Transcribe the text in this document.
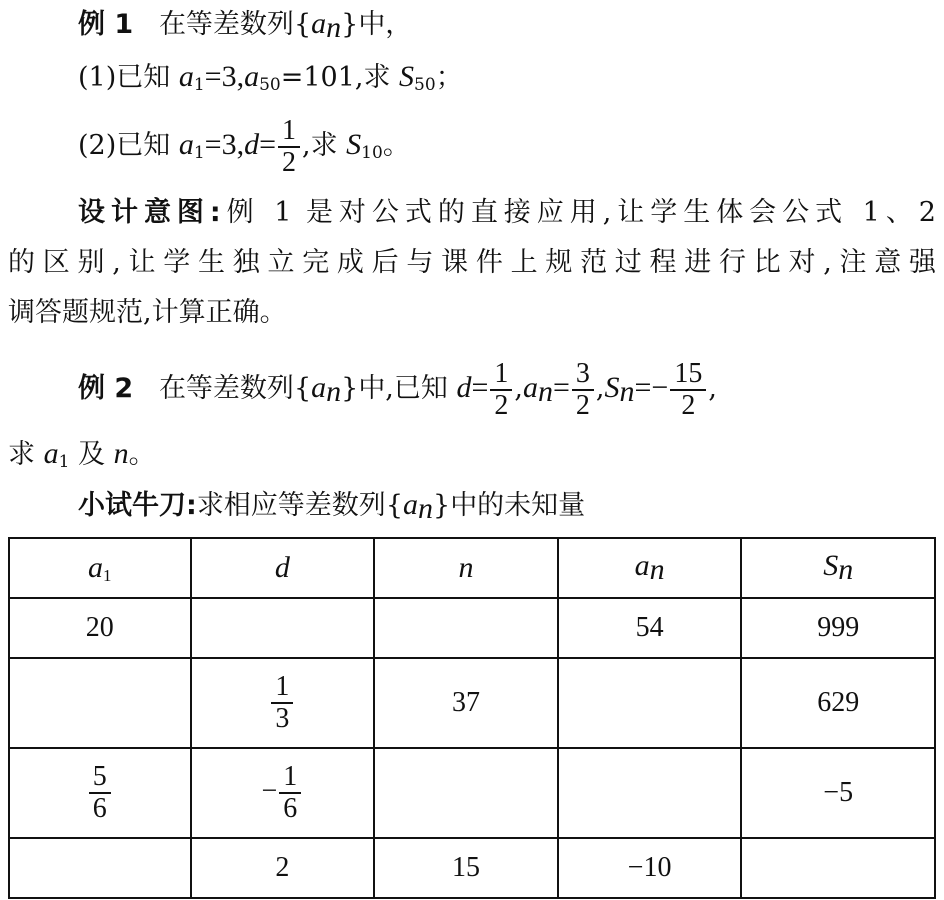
例 1 在等差数列$\{a_n\}$中，
(1)已知 $a_1=3,a_{50}=101$,求 $S_{50}$；
(2)已知 $a_1=3,d= \frac{1}{2}$ ,求 $S_{10}$。
设计意图:例 1 是对公式的直接应用,让学生体会公式 1、2
的区别,让学生独立完成后与课件上规范过程进行比对,注意强
调答题规范,计算正确。
例 2 在等差数列$\{a_n\}$中,已知 $d= \frac{1}{2} ,a_n= \frac{3}{2} ,S_n=- \frac{15}{2}$ ,
求 $a_1$ 及 n。
小试牛刀:求相应等差数列$\{a_n\}$中的未知量
$a_1$	d	n	$a_n$	$S_n$
20			54	999

	$\frac{1}{3}$	37		629

$\frac{5}{6}$	− $\frac{1}{6}$			−5
	2	15	−10	
